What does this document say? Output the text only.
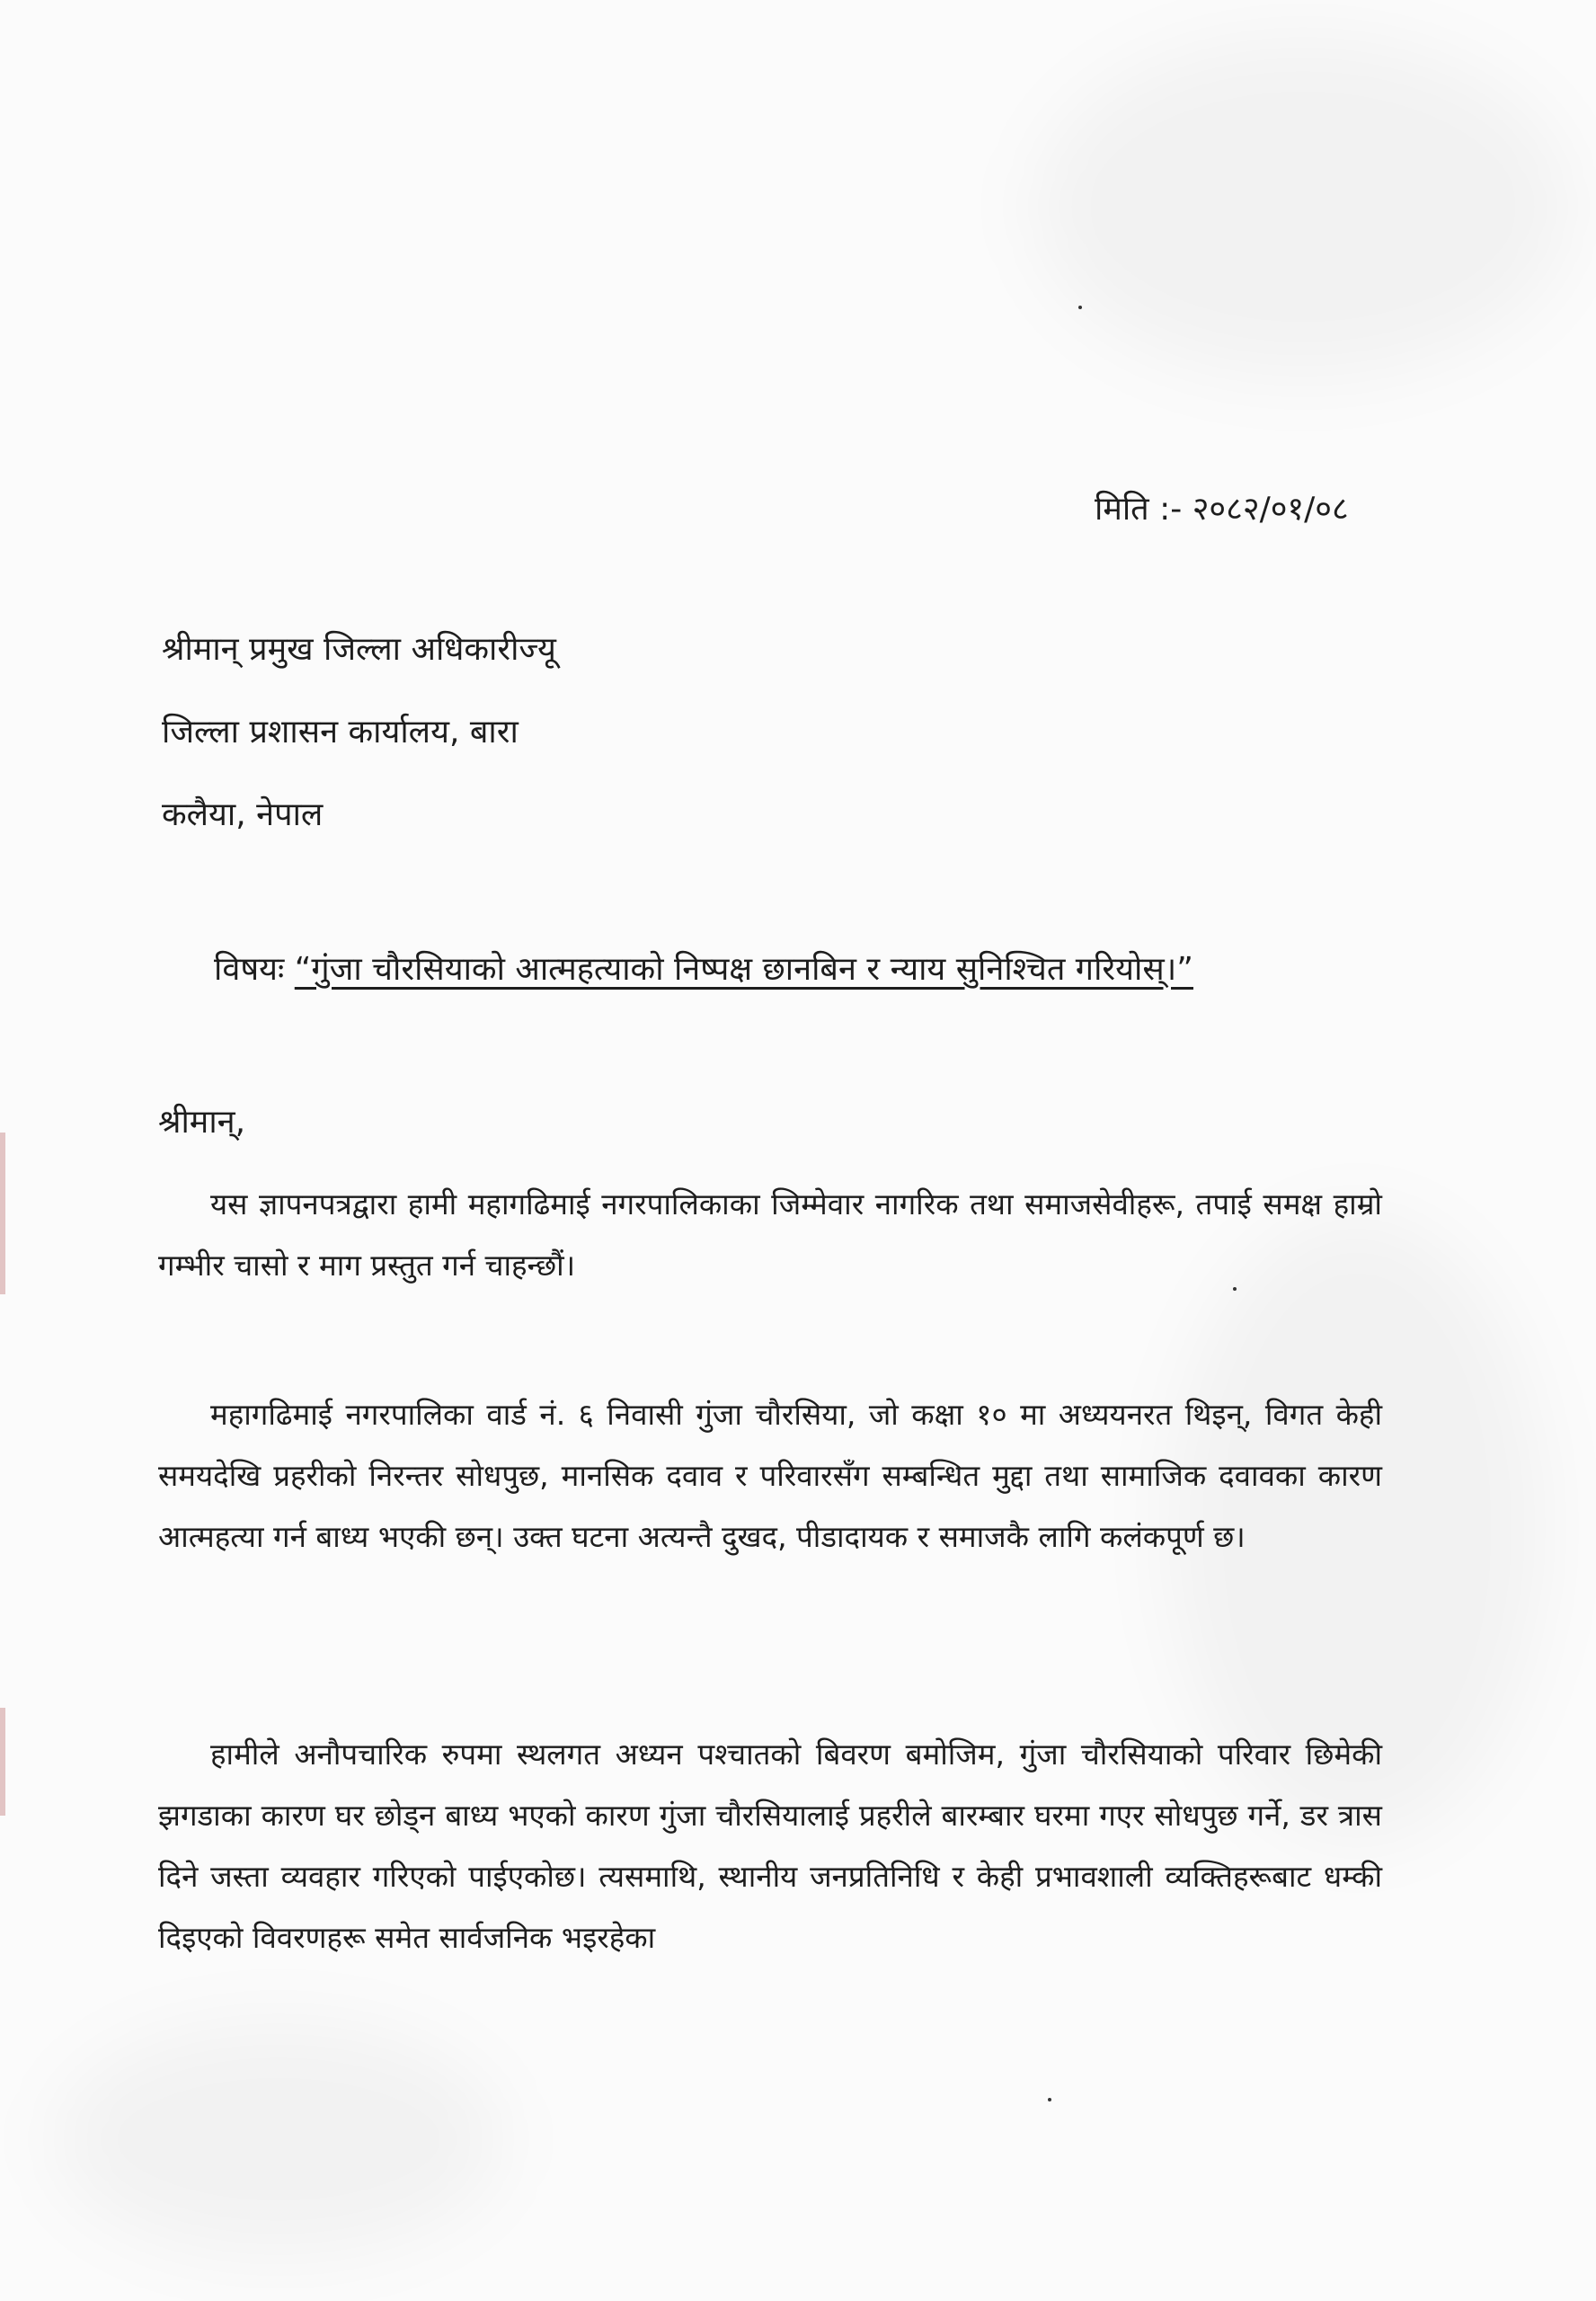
मिति :- २०८२/०१/०८
श्रीमान् प्रमुख जिल्ला अधिकारीज्यू
जिल्ला प्रशासन कार्यालय, बारा
कलैया, नेपाल
विषयः “गुंजा चौरसियाको आत्महत्याको निष्पक्ष छानबिन र न्याय सुनिश्चित गरियोस्।”
श्रीमान्,

यस ज्ञापनपत्रद्वारा हामी महागढिमाई नगरपालिकाका जिम्मेवार नागरिक तथा समाजसेवीहरू, तपाई समक्ष हाम्रो गम्भीर चासो र माग प्रस्तुत गर्न चाहन्छौं।

महागढिमाई नगरपालिका वार्ड नं. ६ निवासी गुंजा चौरसिया, जो कक्षा १० मा अध्ययनरत थिइन्, विगत केही समयदेखि प्रहरीको निरन्तर सोधपुछ, मानसिक दवाव र परिवारसँग सम्बन्धित मुद्दा तथा सामाजिक दवावका कारण आत्महत्या गर्न बाध्य भएकी छन्। उक्त घटना अत्यन्तै दुखद, पीडादायक र समाजकै लागि कलंकपूर्ण छ।

हामीले अनौपचारिक रुपमा स्थलगत अध्यन पश्चातको बिवरण बमोजिम, गुंजा चौरसियाको परिवार छिमेकी झगडाका कारण घर छोड्न बाध्य भएको कारण गुंजा चौरसियालाई प्रहरीले बारम्बार घरमा गएर सोधपुछ गर्ने, डर त्रास दिने जस्ता व्यवहार गरिएको पाईएकोछ। त्यसमाथि, स्थानीय जनप्रतिनिधि र केही प्रभावशाली व्यक्तिहरूबाट धम्की दिइएको विवरणहरू समेत सार्वजनिक भइरहेका
